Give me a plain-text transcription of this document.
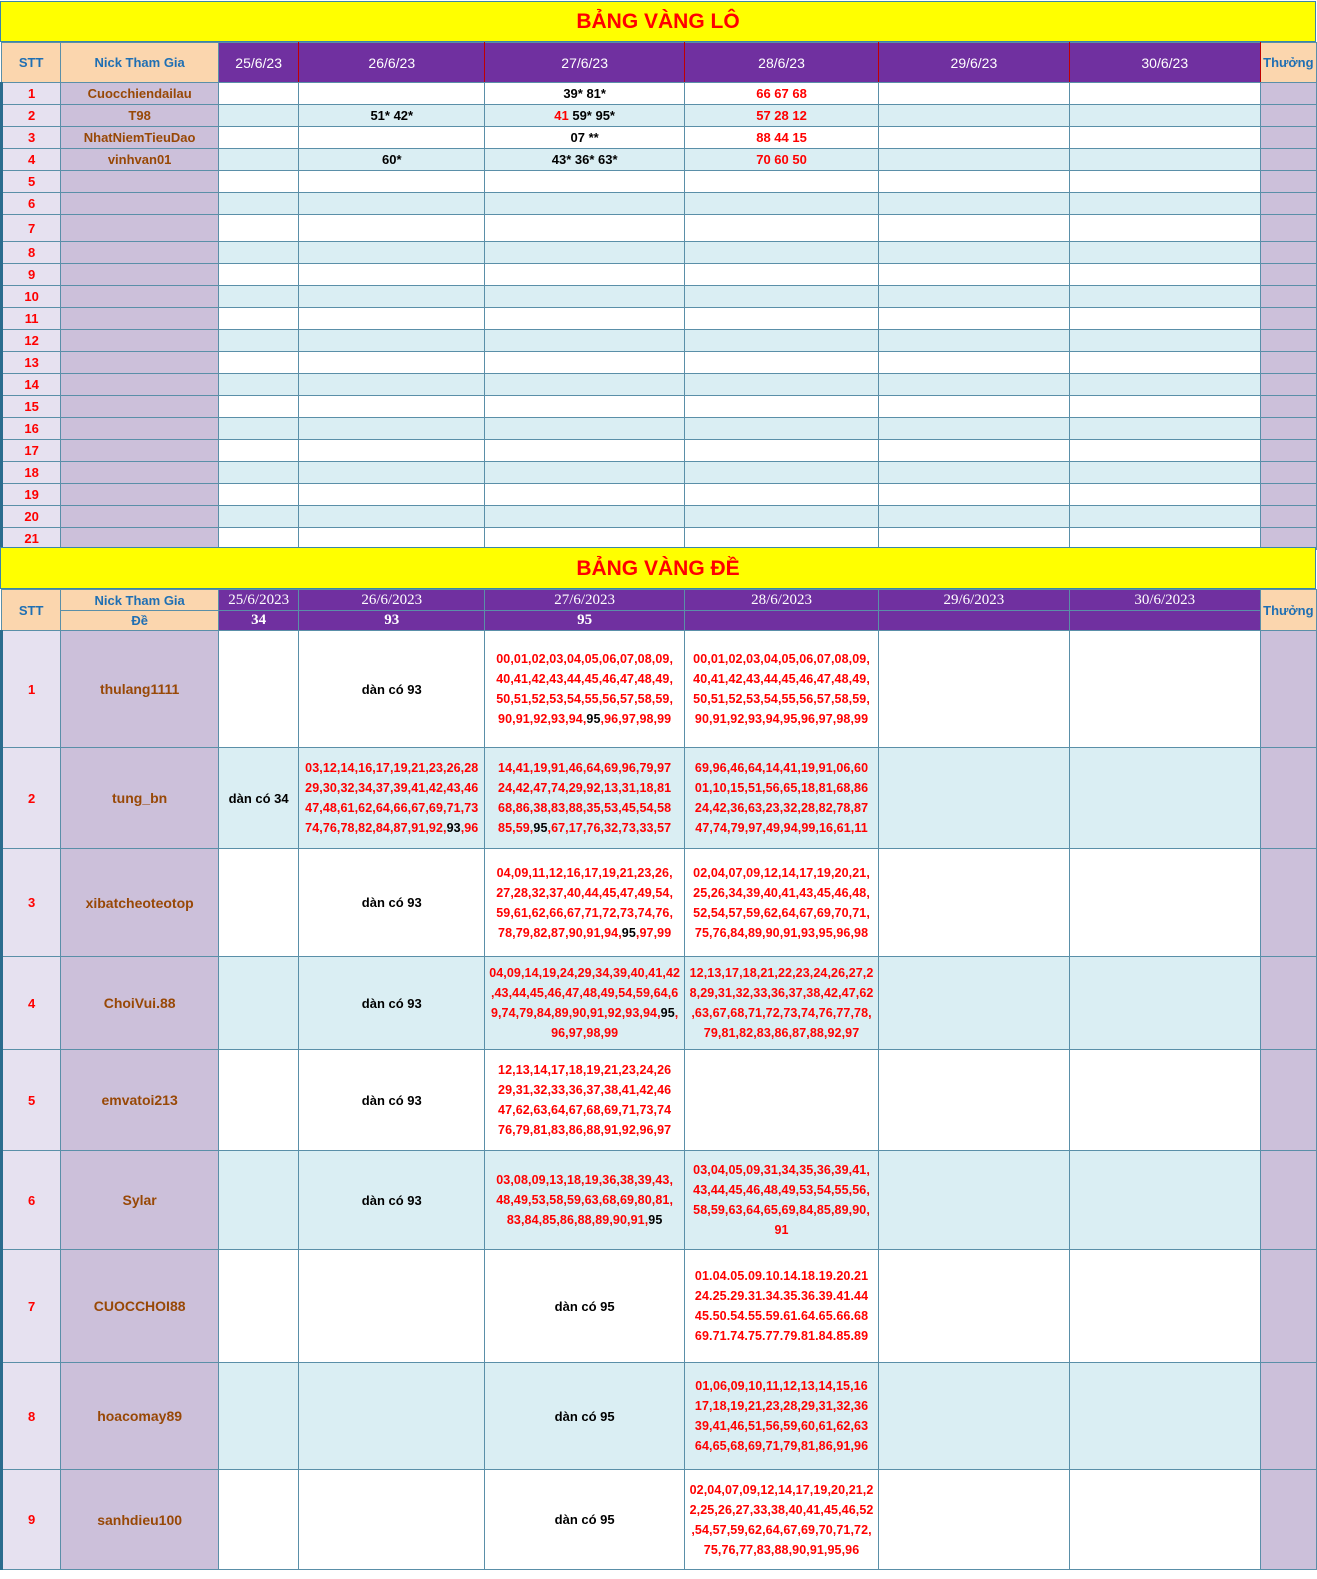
BẢNG VÀNG LÔ
STT	Nick Tham Gia	25/6/23	26/6/23	27/6/23	28/6/23	29/6/23	30/6/23	Thưởng
1	Cuocchiendailau			39* 81*	66 67 68			
2	T98		51* 42*	41 59* 95*	57 28 12			
3	NhatNiemTieuDao			07 **	88 44 15			
4	vinhvan01		60*	43* 36* 63*	70 60 50			
5								
6								
7								
8								
9								
10								
11								
12								
13								
14								
15								
16								
17								
18								
19								
20								
21								
BẢNG VÀNG ĐỀ
STT	Nick Tham Gia	25/6/2023	26/6/2023	27/6/2023	28/6/2023	29/6/2023	30/6/2023	Thưởng
	Đề	34	93	95				
1	thulang1111		dàn có 93	00,01,02,03,04,05,06,07,08,09,
40,41,42,43,44,45,46,47,48,49,
50,51,52,53,54,55,56,57,58,59,
90,91,92,93,94,95,96,97,98,99	00,01,02,03,04,05,06,07,08,09,
40,41,42,43,44,45,46,47,48,49,
50,51,52,53,54,55,56,57,58,59,
90,91,92,93,94,95,96,97,98,99			

2	tung_bn	dàn có 34	03,12,14,16,17,19,21,23,26,28
29,30,32,34,37,39,41,42,43,46
47,48,61,62,64,66,67,69,71,73
74,76,78,82,84,87,91,92,93,96	14,41,19,91,46,64,69,96,79,97
24,42,47,74,29,92,13,31,18,81
68,86,38,83,88,35,53,45,54,58
85,59,95,67,17,76,32,73,33,57	69,96,46,64,14,41,19,91,06,60
01,10,15,51,56,65,18,81,68,86
24,42,36,63,23,32,28,82,78,87
47,74,79,97,49,94,99,16,61,11			

3	xibatcheoteotop		dàn có 93	04,09,11,12,16,17,19,21,23,26,
27,28,32,37,40,44,45,47,49,54,
59,61,62,66,67,71,72,73,74,76,
78,79,82,87,90,91,94,95,97,99	02,04,07,09,12,14,17,19,20,21,
25,26,34,39,40,41,43,45,46,48,
52,54,57,59,62,64,67,69,70,71,
75,76,84,89,90,91,93,95,96,98			

4	ChoiVui.88		dàn có 93	04,09,14,19,24,29,34,39,40,41,42
,43,44,45,46,47,48,49,54,59,64,6
9,74,79,84,89,90,91,92,93,94,95,
96,97,98,99	12,13,17,18,21,22,23,24,26,27,2
8,29,31,32,33,36,37,38,42,47,62
,63,67,68,71,72,73,74,76,77,78,
79,81,82,83,86,87,88,92,97			

5	emvatoi213		dàn có 93	12,13,14,17,18,19,21,23,24,26
29,31,32,33,36,37,38,41,42,46
47,62,63,64,67,68,69,71,73,74
76,79,81,83,86,88,91,92,96,97				

6	Sylar		dàn có 93	03,08,09,13,18,19,36,38,39,43,
48,49,53,58,59,63,68,69,80,81,
83,84,85,86,88,89,90,91,95	03,04,05,09,31,34,35,36,39,41,
43,44,45,46,48,49,53,54,55,56,
58,59,63,64,65,69,84,85,89,90,
91			

7	CUOCCHOI88			dàn có 95	01.04.05.09.10.14.18.19.20.21
24.25.29.31.34.35.36.39.41.44
45.50.54.55.59.61.64.65.66.68
69.71.74.75.77.79.81.84.85.89			

8	hoacomay89			dàn có 95	01,06,09,10,11,12,13,14,15,16
17,18,19,21,23,28,29,31,32,36
39,41,46,51,56,59,60,61,62,63
64,65,68,69,71,79,81,86,91,96			

9	sanhdieu100			dàn có 95	02,04,07,09,12,14,17,19,20,21,2
2,25,26,27,33,38,40,41,45,46,52
,54,57,59,62,64,67,69,70,71,72,
75,76,77,83,88,90,91,95,96			
